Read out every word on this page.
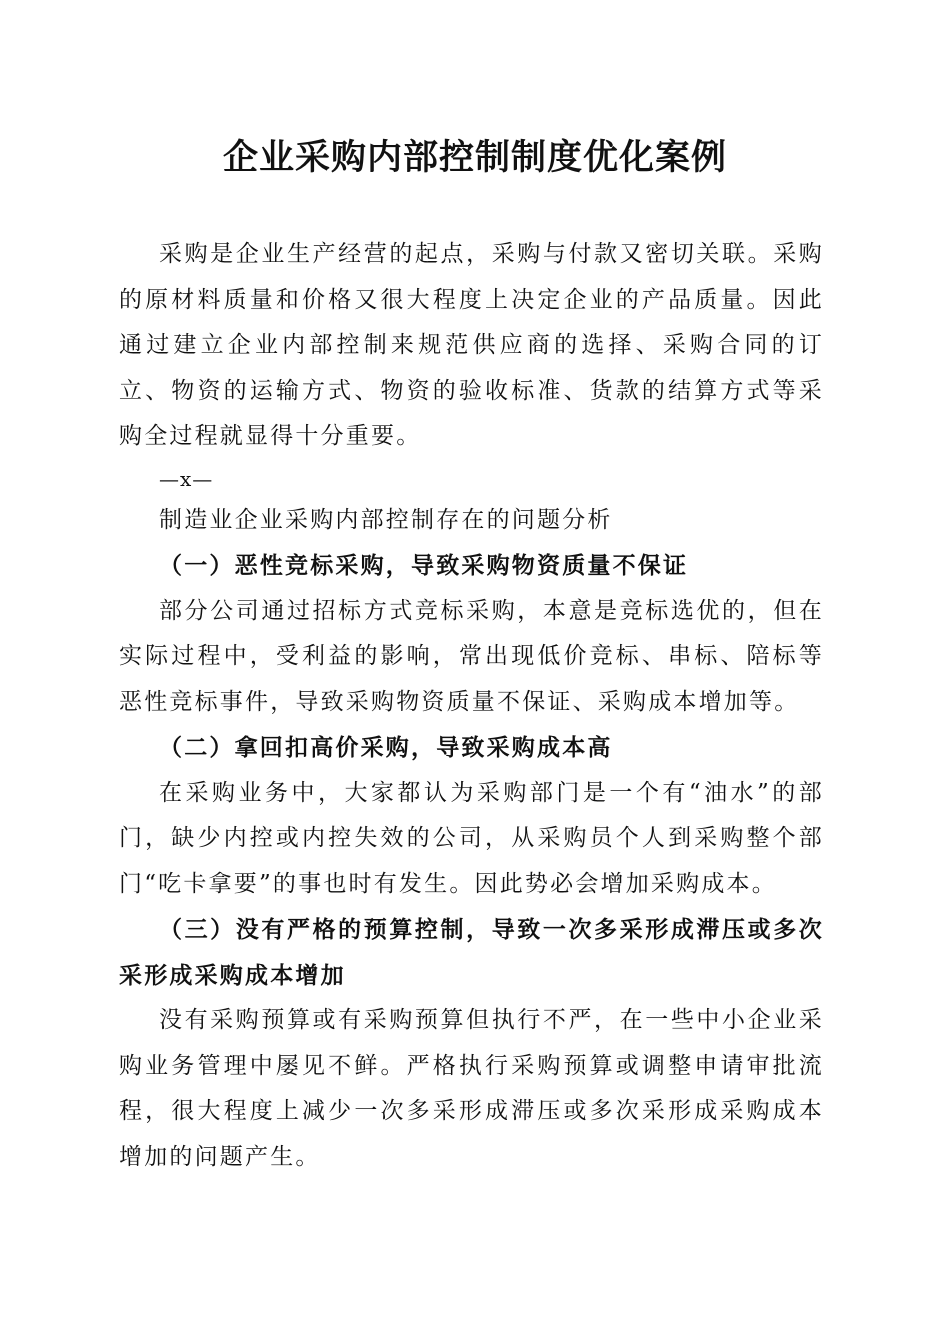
企业采购内部控制制度优化案例

采购是企业生产经营的起点，采购与付款又密切关联。采购的原材料质量和价格又很大程度上决定企业的产品质量。因此通过建立企业内部控制来规范供应商的选择、采购合同的订立、物资的运输方式、物资的验收标准、货款的结算方式等采购全过程就显得十分重要。

—x—

制造业企业采购内部控制存在的问题分析

（一）恶性竞标采购，导致采购物资质量不保证

部分公司通过招标方式竞标采购，本意是竞标选优的，但在实际过程中，受利益的影响，常出现低价竞标、串标、陪标等恶性竞标事件，导致采购物资质量不保证、采购成本增加等。

（二）拿回扣高价采购，导致采购成本高

在采购业务中，大家都认为采购部门是一个有“油水”的部门，缺少内控或内控失效的公司，从采购员个人到采购整个部门“吃卡拿要”的事也时有发生。因此势必会增加采购成本。

（三）没有严格的预算控制，导致一次多采形成滞压或多次采形成采购成本增加

没有采购预算或有采购预算但执行不严，在一些中小企业采购业务管理中屡见不鲜。严格执行采购预算或调整申请审批流程，很大程度上减少一次多采形成滞压或多次采形成采购成本增加的问题产生。
